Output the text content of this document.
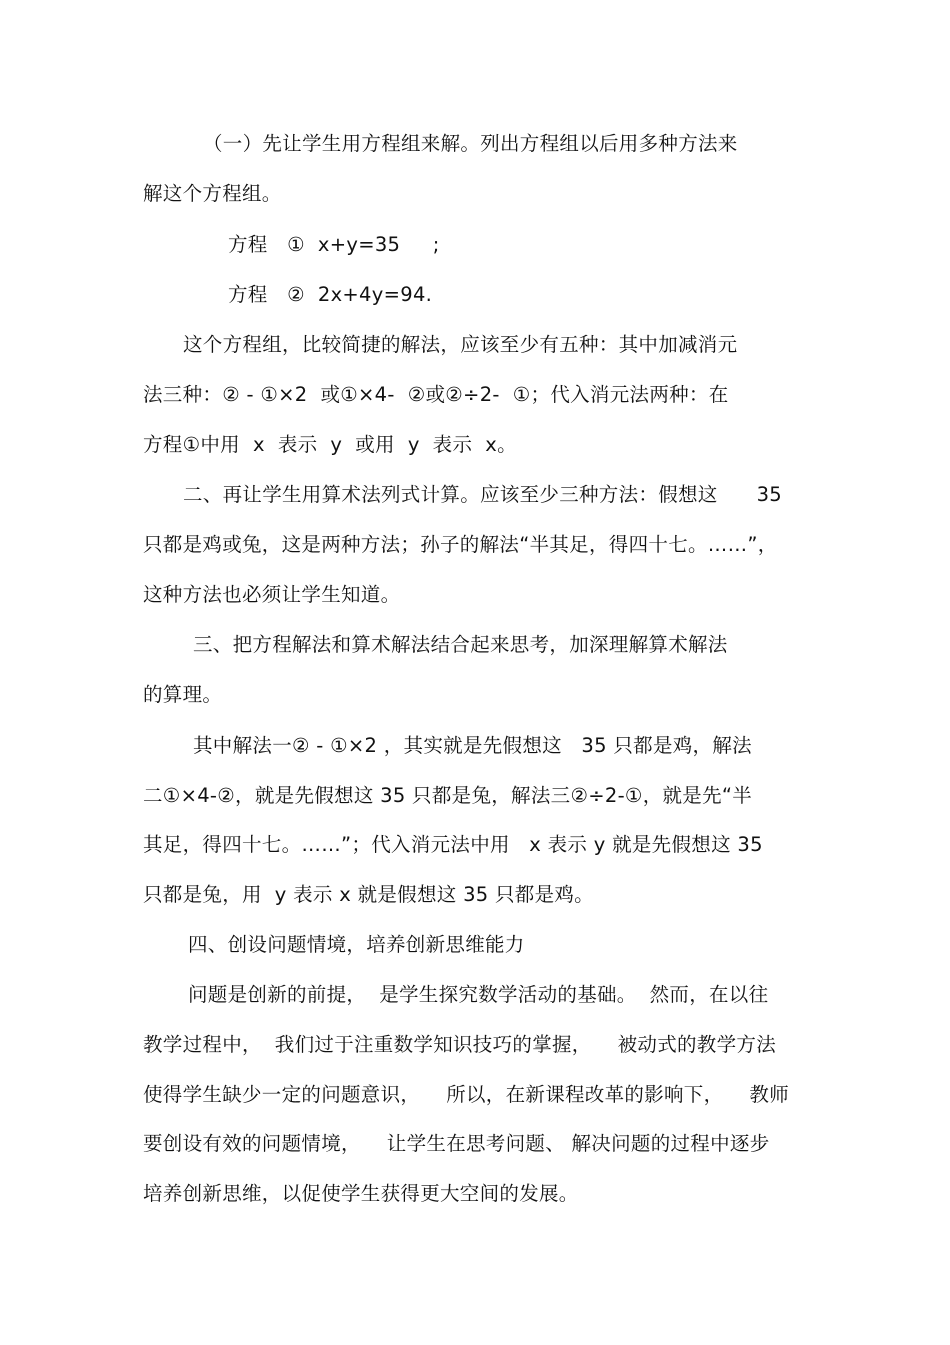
（一）先让学生用方程组来解。列出方程组以后用多种方法来
解这个方程组。
方程   ①  x+y=35     ;
方程   ②  2x+4y=94.
这个方程组，比较简捷的解法，应该至少有五种：其中加减消元
法三种：② - ①×2  或①×4-  ②或②÷2-  ①；代入消元法两种：在
方程①中用  x  表示  y  或用  y  表示  x。
二、再让学生用算术法列式计算。应该至少三种方法：假想这      35
只都是鸡或兔，这是两种方法；孙子的解法“半其足，得四十七。……”，
这种方法也必须让学生知道。
三、把方程解法和算术解法结合起来思考，加深理解算术解法
的算理。
其中解法一② - ①×2 ，其实就是先假想这   35 只都是鸡，解法
二①×4-②，就是先假想这 35 只都是兔，解法三②÷2-①，就是先“半
其足，得四十七。……”；代入消元法中用   x 表示 y 就是先假想这 35
只都是兔，用  y 表示 x 就是假想这 35 只都是鸡。
四、创设问题情境，培养创新思维能力
问题是创新的前提，  是学生探究数学活动的基础。  然而，在以往
教学过程中，  我们过于注重数学知识技巧的掌握，    被动式的教学方法
使得学生缺少一定的问题意识，    所以，在新课程改革的影响下，    教师
要创设有效的问题情境，    让学生在思考问题、 解决问题的过程中逐步
培养创新思维，以促使学生获得更大空间的发展。
